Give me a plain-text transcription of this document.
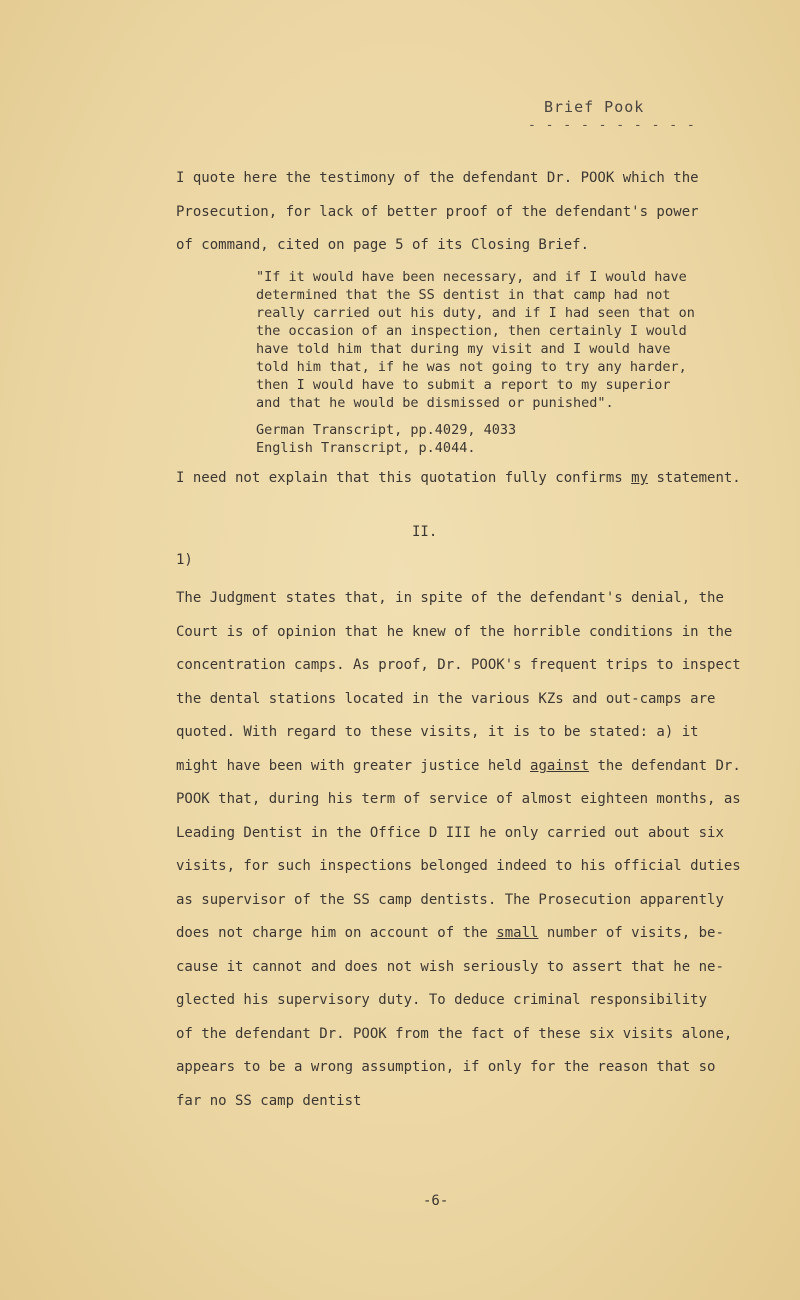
Brief Pook
- - - - - - - - - -
I quote here the testimony of the defendant Dr. POOK which the
Prosecution, for lack of better proof of the defendant's power
of command, cited on page 5 of its Closing Brief.
"If it would have been necessary, and if I would have
determined that the SS dentist in that camp had not
really carried out his duty, and if I had seen that on
the occasion of an inspection, then certainly I would
have told him that during my visit and I would have
told him that, if he was not going to try any harder,
then I would have to submit a report to my superior
and that he would be dismissed or punished".
German Transcript, pp.4029, 4033
English Transcript, p.4044.
I need not explain that this quotation fully confirms my statement.
II.
1)
The Judgment states that, in spite of the defendant's denial, the
Court is of opinion that he knew of the horrible conditions in the
concentration camps. As proof, Dr. POOK's frequent trips to inspect
the dental stations located in the various KZs and out-camps are
quoted. With regard to these visits, it is to be stated: a) it
might have been with greater justice held against the defendant Dr.
POOK that, during his term of service of almost eighteen months, as
Leading Dentist in the Office D III he only carried out about six
visits, for such inspections belonged indeed to his official duties
as supervisor of the SS camp dentists. The Prosecution apparently
does not charge him on account of the small number of visits, be-
cause it cannot and does not wish seriously to assert that he ne-
glected his supervisory duty. To deduce criminal responsibility
of the defendant Dr. POOK from the fact of these six visits alone,
appears to be a wrong assumption, if only for the reason that so
far no SS camp dentist
-6-
